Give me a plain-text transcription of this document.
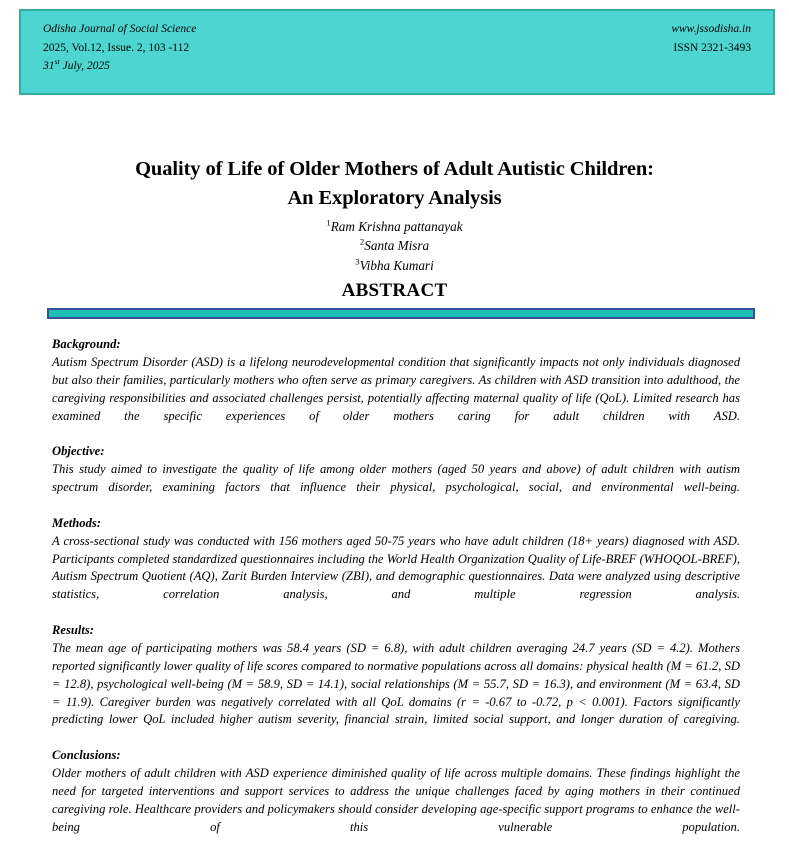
Odisha Journal of Social Science
2025, Vol.12, Issue. 2, 103 -112
31st July, 2025
www.jssodisha.in
ISSN 2321-3493
Quality of Life of Older Mothers of Adult Autistic Children:
An Exploratory Analysis
$^1$Ram Krishna pattanayak
$^2$Santa Misra
$^3$Vibha Kumari
ABSTRACT
Background:
Autism Spectrum Disorder (ASD) is a lifelong neurodevelopmental condition that significantly impacts not only individuals diagnosed but also their families, particularly mothers who often serve as primary caregivers. As children with ASD transition into adulthood, the caregiving responsibilities and associated challenges persist, potentially affecting maternal quality of life (QoL). Limited research has examined the specific experiences of older mothers caring for adult children with ASD.
Objective:
This study aimed to investigate the quality of life among older mothers (aged 50 years and above) of adult children with autism spectrum disorder, examining factors that influence their physical, psychological, social, and environmental well-being.
Methods:
A cross-sectional study was conducted with 156 mothers aged 50-75 years who have adult children (18+ years) diagnosed with ASD. Participants completed standardized questionnaires including the World Health Organization Quality of Life-BREF (WHOQOL-BREF), Autism Spectrum Quotient (AQ), Zarit Burden Interview (ZBI), and demographic questionnaires. Data were analyzed using descriptive statistics, correlation analysis, and multiple regression analysis.
Results:
The mean age of participating mothers was 58.4 years (SD = 6.8), with adult children averaging 24.7 years (SD = 4.2). Mothers reported significantly lower quality of life scores compared to normative populations across all domains: physical health (M = 61.2, SD = 12.8), psychological well-being (M = 58.9, SD = 14.1), social relationships (M = 55.7, SD = 16.3), and environment (M = 63.4, SD = 11.9). Caregiver burden was negatively correlated with all QoL domains (r = -0.67 to -0.72, p < 0.001). Factors significantly predicting lower QoL included higher autism severity, financial strain, limited social support, and longer duration of caregiving.
Conclusions:
Older mothers of adult children with ASD experience diminished quality of life across multiple domains. These findings highlight the need for targeted interventions and support services to address the unique challenges faced by aging mothers in their continued caregiving role. Healthcare providers and policymakers should consider developing age-specific support programs to enhance the well-being of this vulnerable population.
